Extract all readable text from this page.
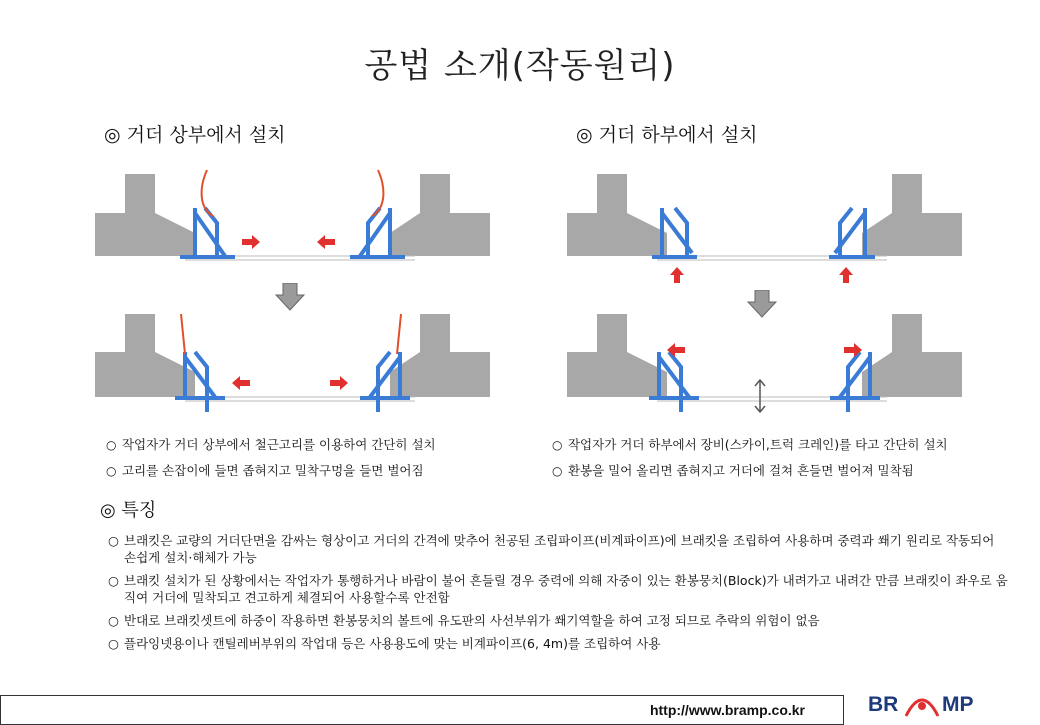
공법 소개(작동원리)
◎ 거더 상부에서 설치	◎ 거더 하부에서 설치
○ 작업자가 거더 상부에서 철근고리를 이용하여 간단히 설치
○ 고리를 손잡이에 들면 좁혀지고 밀착구멍을 들면 벌어짐
○ 작업자가 거더 하부에서 장비(스카이,트럭 크레인)를 타고 간단히 설치
○ 환봉을 밀어 올리면 좁혀지고 거더에 걸쳐 흔들면 벌어져 밀착됨
◎ 특징
○ 브래킷은 교량의 거더단면을 감싸는 형상이고 거더의 간격에 맞추어 천공된 조립파이프(비계파이프)에 브래킷을 조립하여 사용하며 중력과 쐐기 원리로 작동되어 손쉽게 설치·해체가 가능
○ 브래킷 설치가 된 상황에서는 작업자가 통행하거나 바람이 불어 흔들릴 경우 중력에 의해 자중이 있는 환봉뭉치(Block)가 내려가고 내려간 만큼 브래킷이 좌우로 움직여 거더에 밀착되고 견고하게 체결되어 사용할수록 안전함
○ 반대로 브래킷셋트에 하중이 작용하면 환봉뭉치의 볼트에 유도판의 사선부위가 쐐기역할을 하여 고정 되므로 추락의 위험이 없음
○ 플라잉넷용이나 캔틸레버부위의 작업대 등은 사용용도에 맞는 비계파이프(6, 4m)를 조립하여 사용
http://www.bramp.co.kr	BR MP
